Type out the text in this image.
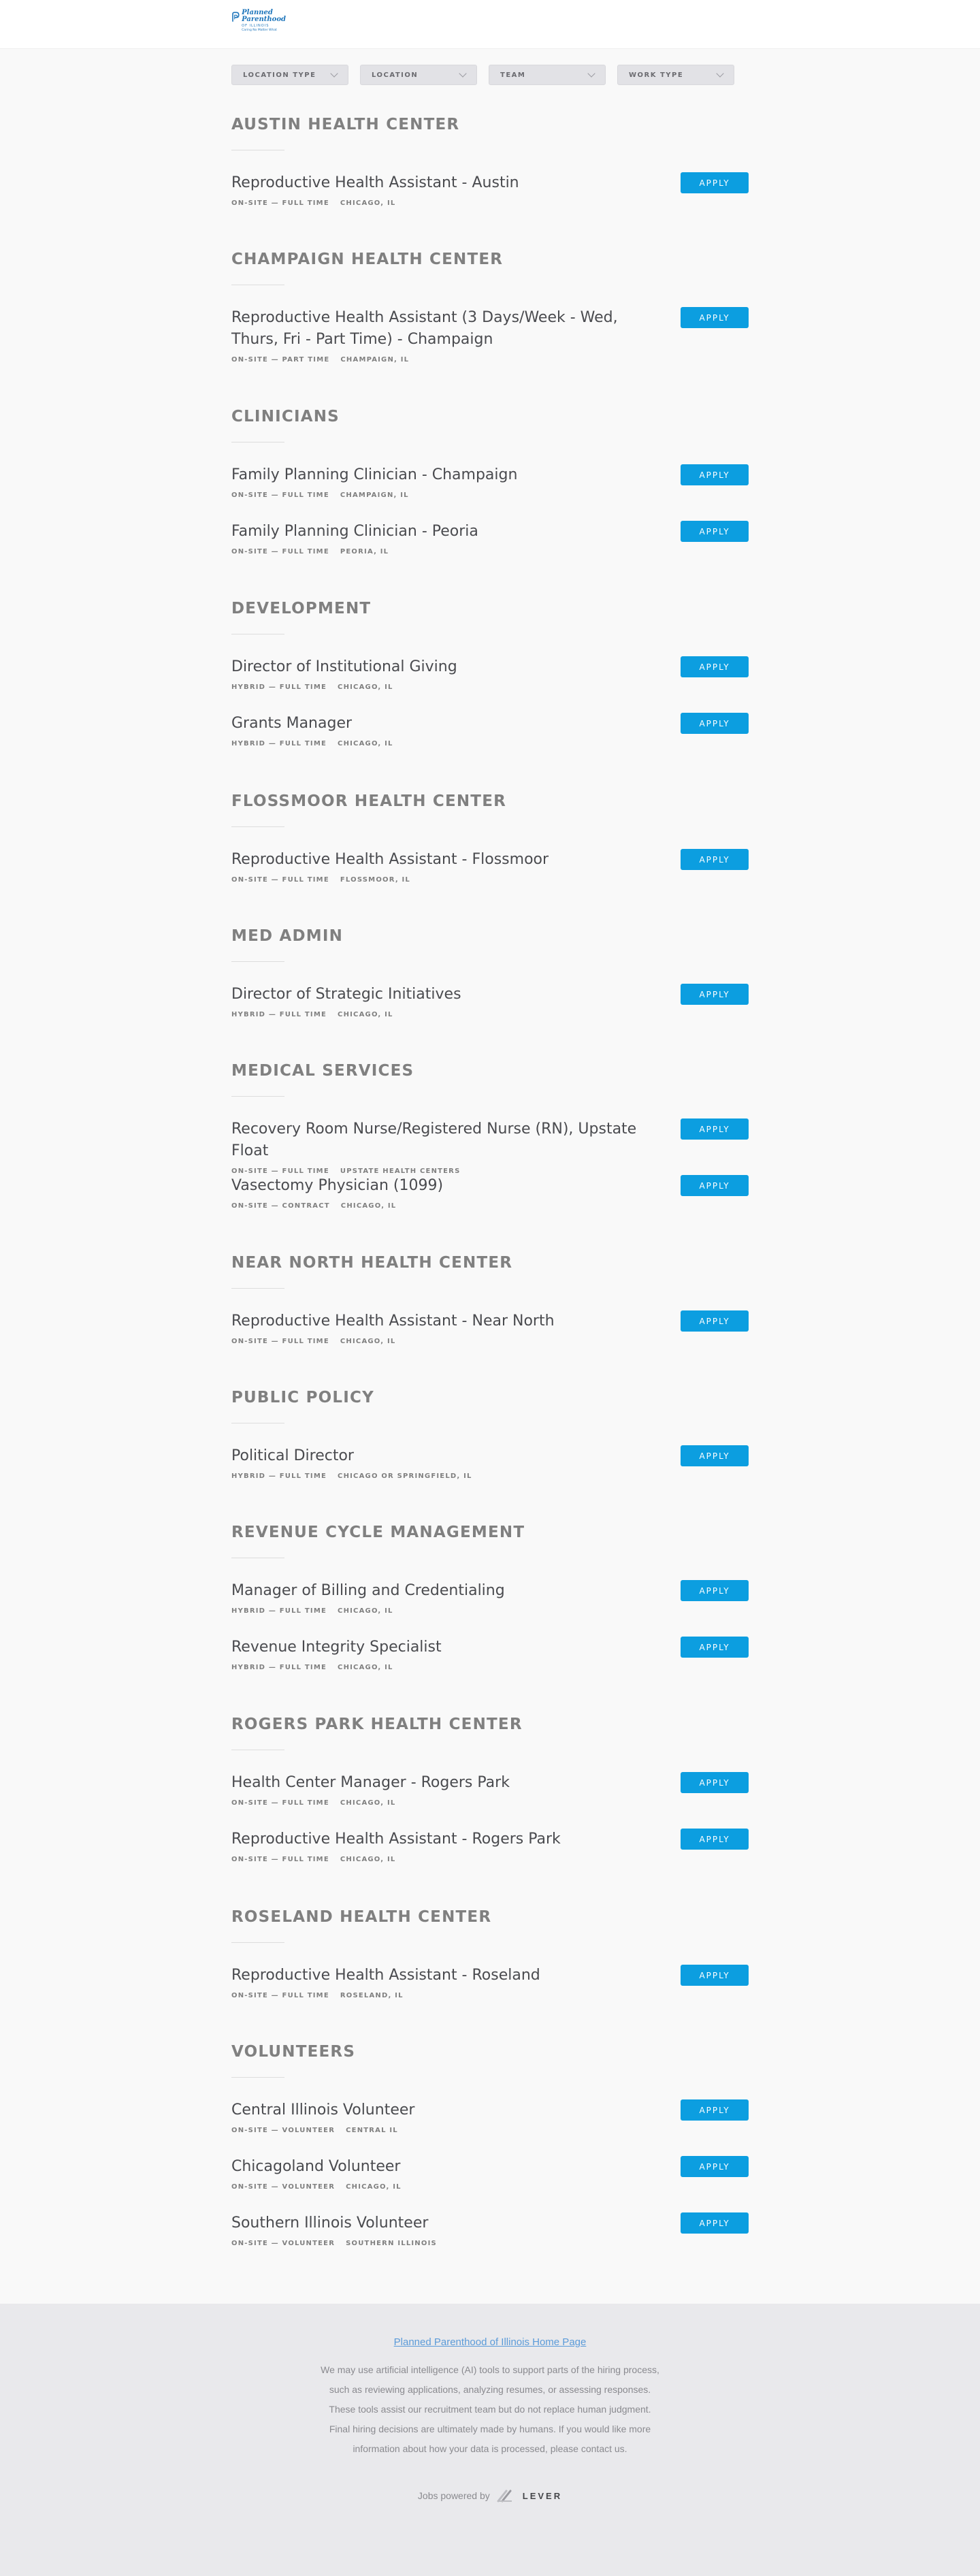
Planned
Parenthood
OF ILLINOIS
Caring No Matter What
LOCATION TYPE	LOCATION	TEAM	WORK TYPE
AUSTIN HEALTH CENTER
Reproductive Health Assistant - Austin
ON-SITE — FULL TIME CHICAGO, IL
APPLY
CHAMPAIGN HEALTH CENTER
Reproductive Health Assistant (3 Days/Week - Wed, Thurs, Fri - Part Time) - Champaign
ON-SITE — PART TIME CHAMPAIGN, IL
APPLY
CLINICIANS
Family Planning Clinician - Champaign
ON-SITE — FULL TIME CHAMPAIGN, IL
APPLY
Family Planning Clinician - Peoria
ON-SITE — FULL TIME PEORIA, IL
APPLY
DEVELOPMENT
Director of Institutional Giving
HYBRID — FULL TIME CHICAGO, IL
APPLY
Grants Manager
HYBRID — FULL TIME CHICAGO, IL
APPLY
FLOSSMOOR HEALTH CENTER
Reproductive Health Assistant - Flossmoor
ON-SITE — FULL TIME FLOSSMOOR, IL
APPLY
MED ADMIN
Director of Strategic Initiatives
HYBRID — FULL TIME CHICAGO, IL
APPLY
MEDICAL SERVICES
Recovery Room Nurse/Registered Nurse (RN), Upstate Float
ON-SITE — FULL TIME UPSTATE HEALTH CENTERS
APPLY
Vasectomy Physician (1099)
ON-SITE — CONTRACT CHICAGO, IL
APPLY
NEAR NORTH HEALTH CENTER
Reproductive Health Assistant - Near North
ON-SITE — FULL TIME CHICAGO, IL
APPLY
PUBLIC POLICY
Political Director
HYBRID — FULL TIME CHICAGO OR SPRINGFIELD, IL
APPLY
REVENUE CYCLE MANAGEMENT
Manager of Billing and Credentialing
HYBRID — FULL TIME CHICAGO, IL
APPLY
Revenue Integrity Specialist
HYBRID — FULL TIME CHICAGO, IL
APPLY
ROGERS PARK HEALTH CENTER
Health Center Manager - Rogers Park
ON-SITE — FULL TIME CHICAGO, IL
APPLY
Reproductive Health Assistant - Rogers Park
ON-SITE — FULL TIME CHICAGO, IL
APPLY
ROSELAND HEALTH CENTER
Reproductive Health Assistant - Roseland
ON-SITE — FULL TIME ROSELAND, IL
APPLY
VOLUNTEERS
Central Illinois Volunteer
ON-SITE — VOLUNTEER CENTRAL IL
APPLY
Chicagoland Volunteer
ON-SITE — VOLUNTEER CHICAGO, IL
APPLY
Southern Illinois Volunteer
ON-SITE — VOLUNTEER SOUTHERN ILLINOIS
APPLY
Planned Parenthood of Illinois Home Page

We may use artificial intelligence (AI) tools to support parts of the hiring process, such as reviewing applications, analyzing resumes, or assessing responses. These tools assist our recruitment team but do not replace human judgment. Final hiring decisions are ultimately made by humans. If you would like more information about how your data is processed, please contact us.

Jobs powered by	LEVER
